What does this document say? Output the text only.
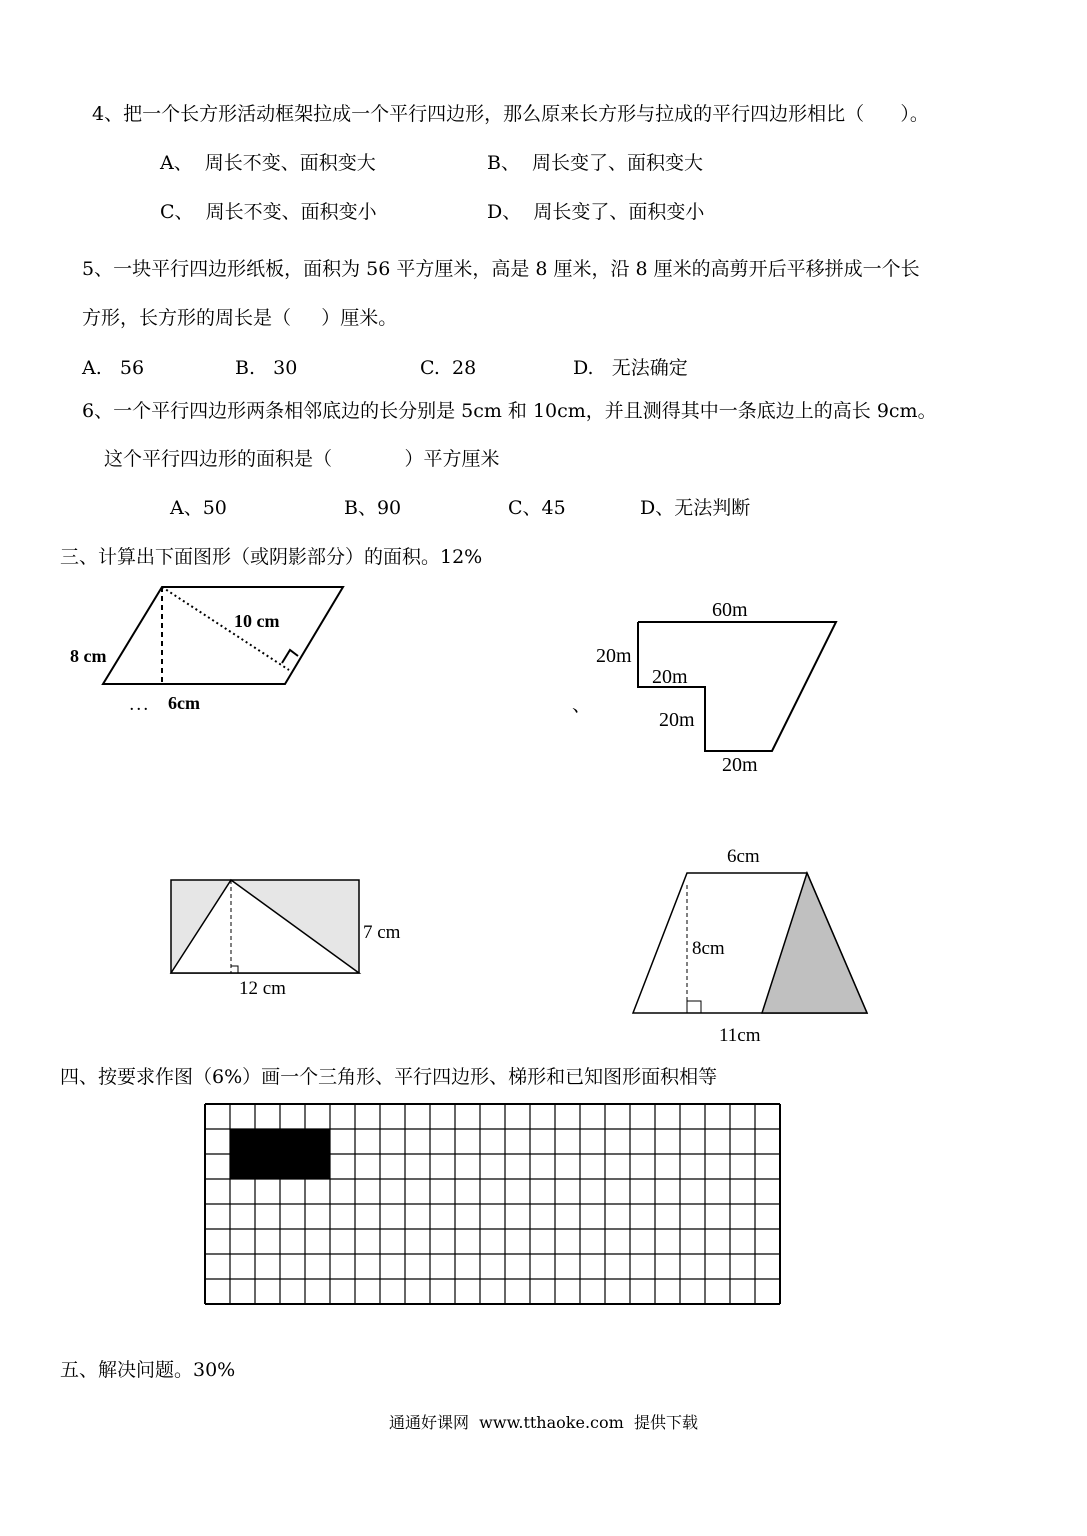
4、把一个长方形活动框架拉成一个平行四边形，那么原来长方形与拉成的平行四边形相比（      ）。
A、  周长不变、面积变大	B、  周长变了、面积变大
C、  周长不变、面积变小	D、  周长变了、面积变小
5、一块平行四边形纸板，面积为 56 平方厘米，高是 8 厘米，沿 8 厘米的高剪开后平移拼成一个长
方形，长方形的周长是（     ）厘米。
A.   56	B.   30	C.  28	D.   无法确定
6、一个平行四边形两条相邻底边的长分别是 5cm 和 10cm，并且测得其中一条底边上的高长 9cm。
这个平行四边形的面积是（            ）平方厘米
A、50	B、90	C、45	D、无法判断
三、计算出下面图形（或阴影部分）的面积。12%
8 cm
10 cm
. . . 6cm	、
60m
20m
20m
20m
20m
7 cm
12 cm
6cm
8cm
11cm
四、按要求作图（6%）画一个三角形、平行四边形、梯形和已知图形面积相等
五、解决问题。30%
通通好课网  www.tthaoke.com  提供下载
